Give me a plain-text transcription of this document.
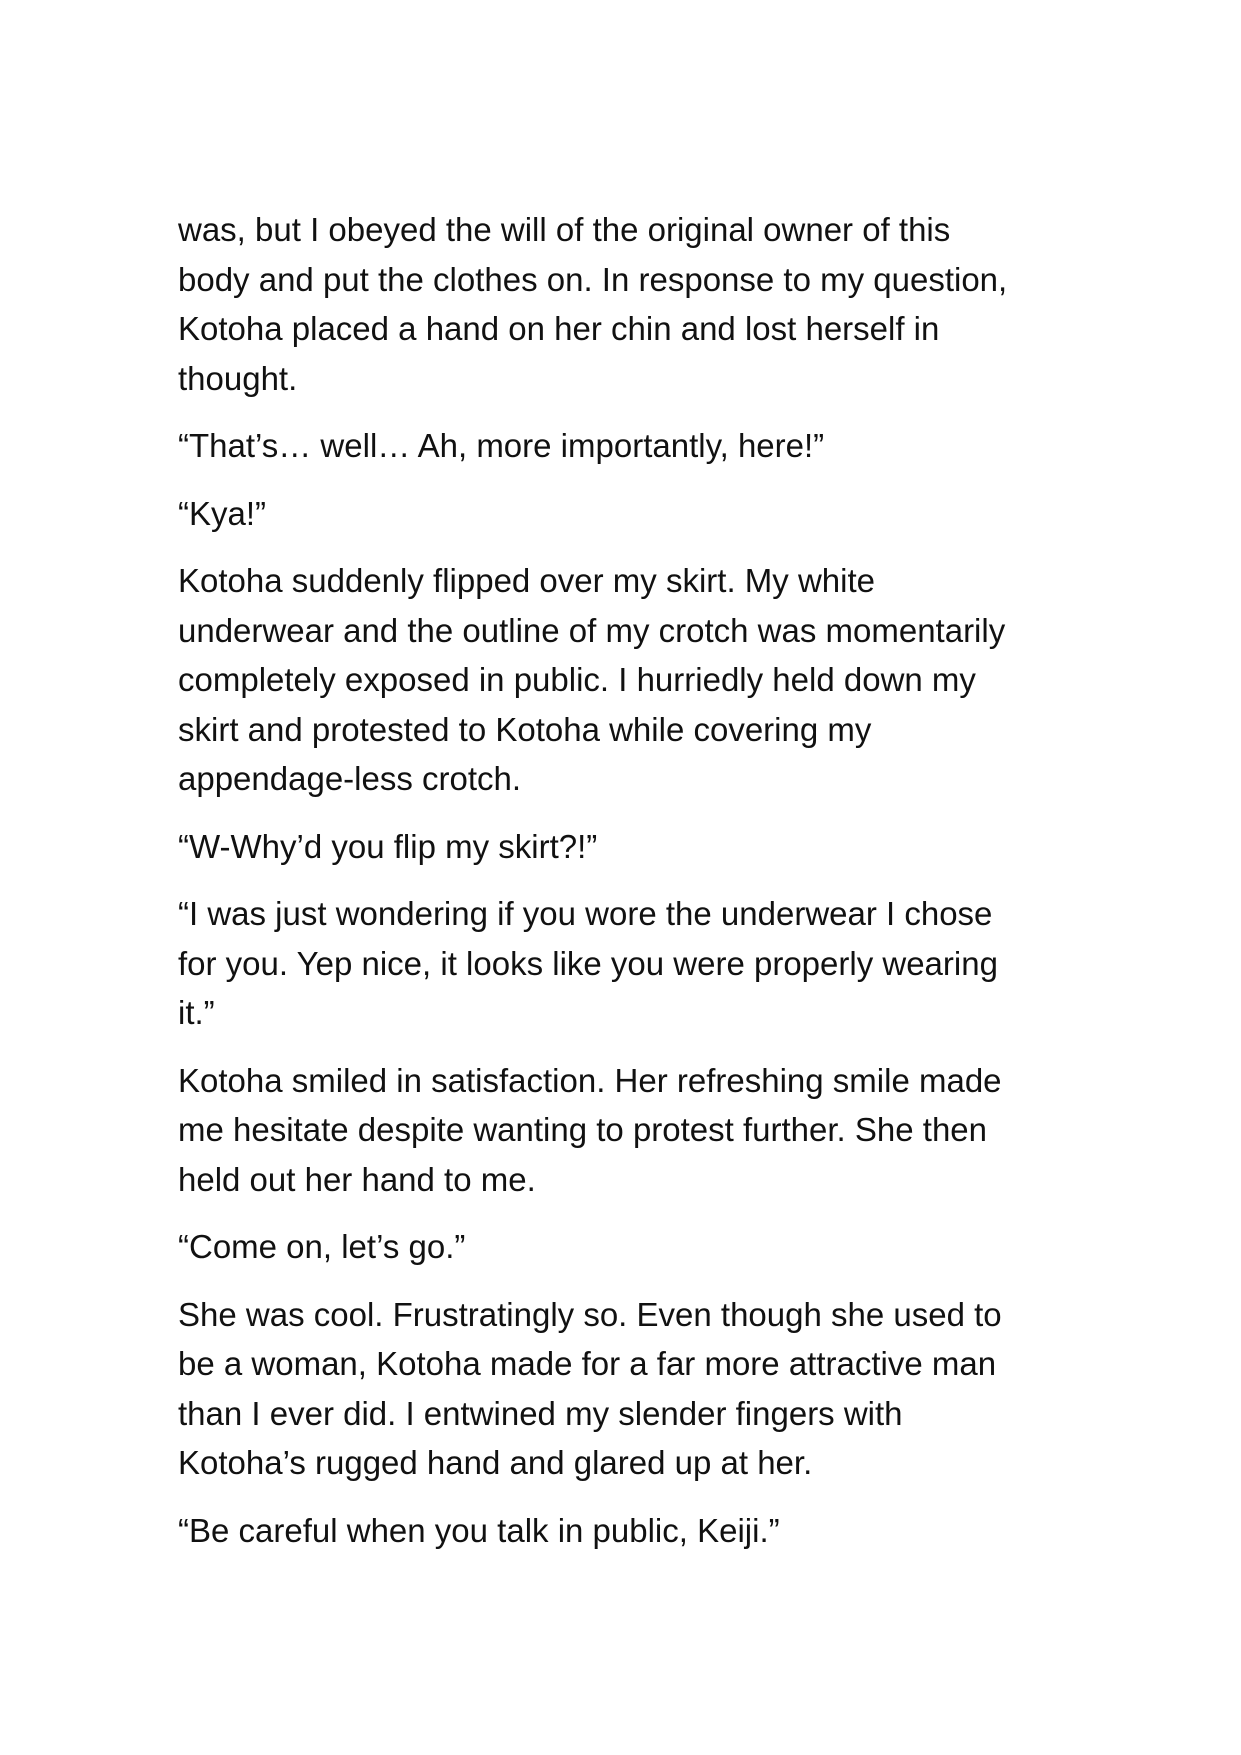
was, but I obeyed the will of the original owner of this
body and put the clothes on. In response to my question,
Kotoha placed a hand on her chin and lost herself in
thought.

“That’s… well… Ah, more importantly, here!”

“Kya!”

Kotoha suddenly flipped over my skirt. My white
underwear and the outline of my crotch was momentarily
completely exposed in public. I hurriedly held down my
skirt and protested to Kotoha while covering my
appendage-less crotch.

“W-Why’d you flip my skirt?!”

“I was just wondering if you wore the underwear I chose
for you. Yep nice, it looks like you were properly wearing
it.”

Kotoha smiled in satisfaction. Her refreshing smile made
me hesitate despite wanting to protest further. She then
held out her hand to me.

“Come on, let’s go.”

She was cool. Frustratingly so. Even though she used to
be a woman, Kotoha made for a far more attractive man
than I ever did. I entwined my slender fingers with
Kotoha’s rugged hand and glared up at her.

“Be careful when you talk in public, Keiji.”
